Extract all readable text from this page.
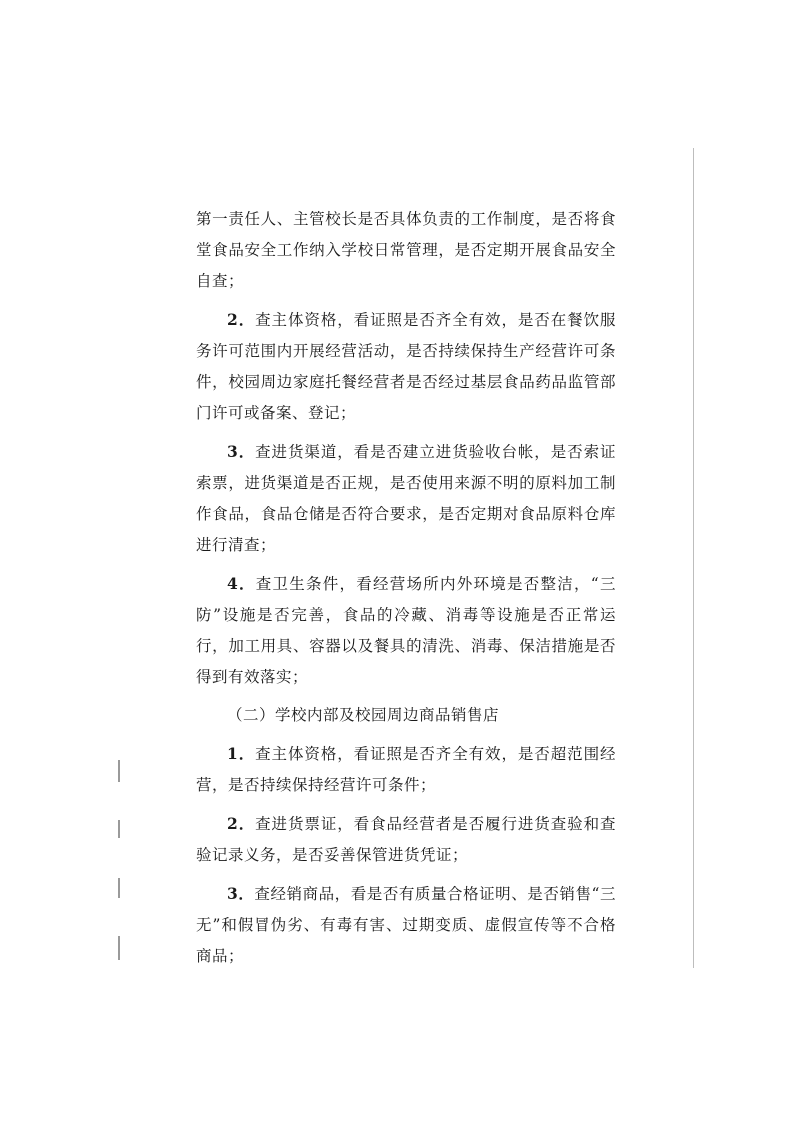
第一责任人、主管校长是否具体负责的工作制度，是否将食堂食品安全工作纳入学校日常管理，是否定期开展食品安全自查；

2．查主体资格，看证照是否齐全有效，是否在餐饮服务许可范围内开展经营活动，是否持续保持生产经营许可条件，校园周边家庭托餐经营者是否经过基层食品药品监管部门许可或备案、登记；

3．查进货渠道，看是否建立进货验收台帐，是否索证索票，进货渠道是否正规，是否使用来源不明的原料加工制作食品，食品仓储是否符合要求，是否定期对食品原料仓库进行清查；

4．查卫生条件，看经营场所内外环境是否整洁，“三防”设施是否完善，食品的冷藏、消毒等设施是否正常运行，加工用具、容器以及餐具的清洗、消毒、保洁措施是否得到有效落实；

（二）学校内部及校园周边商品销售店

1．查主体资格，看证照是否齐全有效，是否超范围经营，是否持续保持经营许可条件；

2．查进货票证，看食品经营者是否履行进货查验和查验记录义务，是否妥善保管进货凭证；

3．查经销商品，看是否有质量合格证明、是否销售“三无”和假冒伪劣、有毒有害、过期变质、虚假宣传等不合格商品；
